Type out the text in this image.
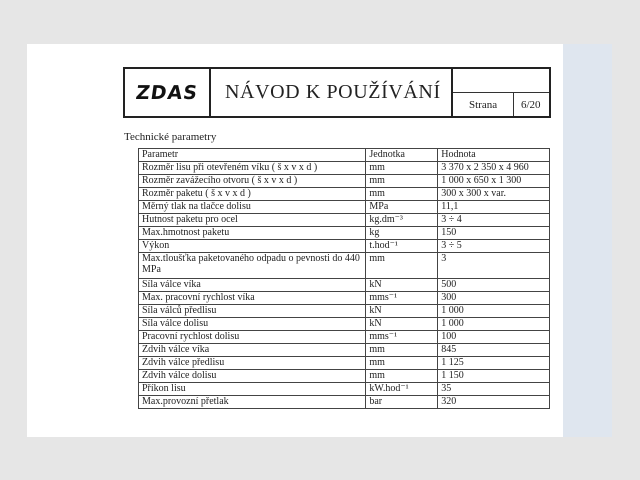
ZDAS	NÁVOD K POUŽÍVÁNÍ
Strana 6/20
Technické parametry
Parametr	Jednotka	Hodnota
Rozměr lisu při otevřeném víku ( š x v x d )	mm	3 370 x 2 350 x 4 960
Rozměr zavážecího otvoru ( š x v x d )	mm	1 000 x 650 x 1 300
Rozměr paketu ( š x v x d )	mm	300 x 300 x var.
Měrný tlak na tlačce dolisu	MPa	11,1
Hutnost paketu pro ocel	kg.dm⁻³	3 ÷ 4
Max.hmotnost paketu	kg	150
Výkon	t.hod⁻¹	3 ÷ 5
Max.tloušťka paketovaného odpadu o pevnosti do 440 MPa	mm	3
Síla válce víka	kN	500
Max. pracovní rychlost víka	mms⁻¹	300
Síla válců předlisu	kN	1 000
Síla válce dolisu	kN	1 000
Pracovní rychlost dolisu	mms⁻¹	100
Zdvih válce víka	mm	845
Zdvih válce předlisu	mm	1 125
Zdvih válce dolisu	mm	1 150
Příkon lisu	kW.hod⁻¹	35
Max.provozní přetlak	bar	320
